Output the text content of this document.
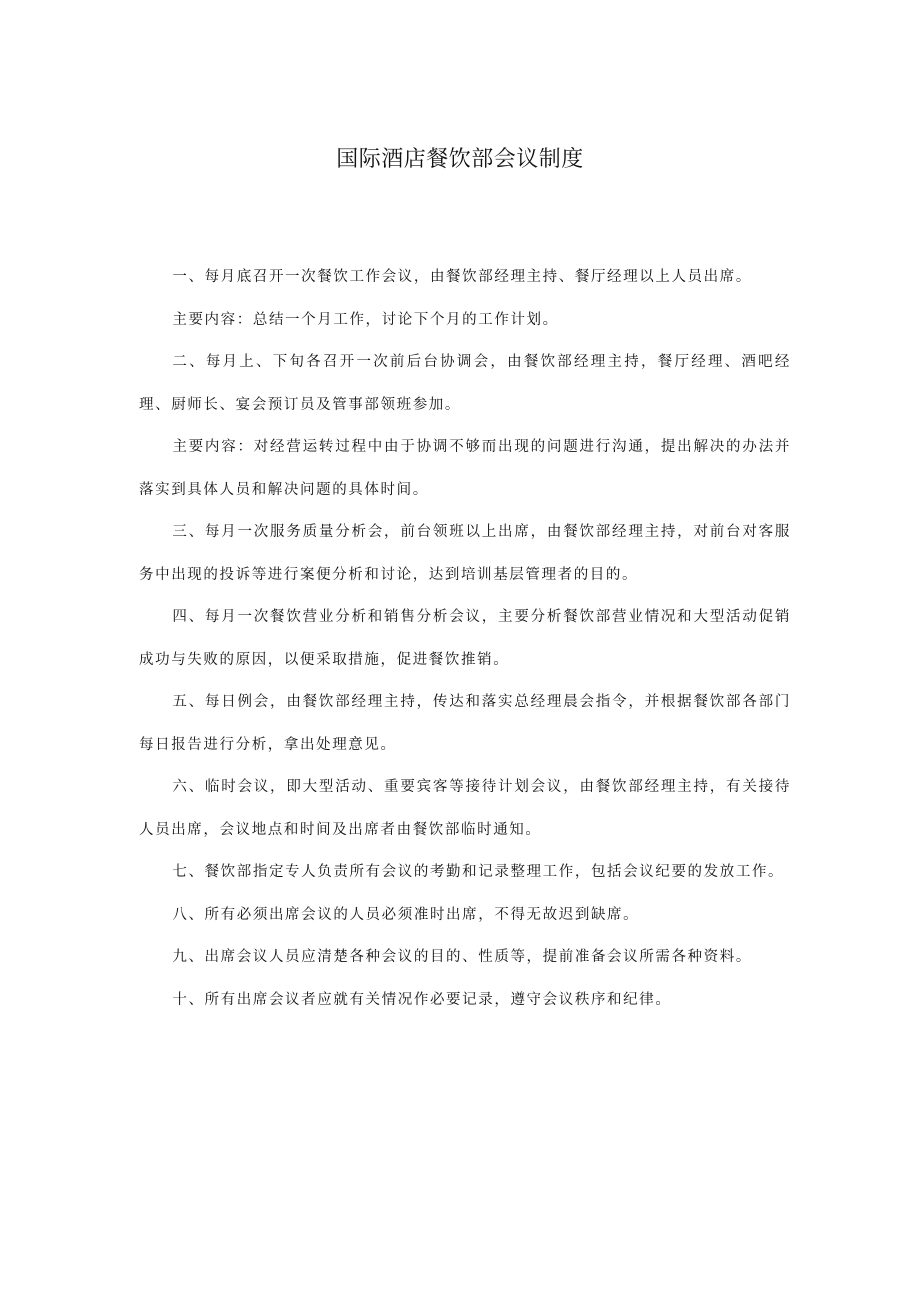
国际酒店餐饮部会议制度

一、每月底召开一次餐饮工作会议，由餐饮部经理主持、餐厅经理以上人员出席。

主要内容：总结一个月工作，讨论下个月的工作计划。

二、每月上、下旬各召开一次前后台协调会，由餐饮部经理主持，餐厅经理、酒吧经理、厨师长、宴会预订员及管事部领班参加。

主要内容：对经营运转过程中由于协调不够而出现的问题进行沟通，提出解决的办法并落实到具体人员和解决问题的具体时间。

三、每月一次服务质量分析会，前台领班以上出席，由餐饮部经理主持，对前台对客服务中出现的投诉等进行案便分析和讨论，达到培训基层管理者的目的。

四、每月一次餐饮营业分析和销售分析会议，主要分析餐饮部营业情况和大型活动促销成功与失败的原因，以便采取措施，促进餐饮推销。

五、每日例会，由餐饮部经理主持，传达和落实总经理晨会指令，并根据餐饮部各部门每日报告进行分析，拿出处理意见。

六、临时会议，即大型活动、重要宾客等接待计划会议，由餐饮部经理主持，有关接待人员出席，会议地点和时间及出席者由餐饮部临时通知。

七、餐饮部指定专人负责所有会议的考勤和记录整理工作，包括会议纪要的发放工作。

八、所有必须出席会议的人员必须准时出席，不得无故迟到缺席。

九、出席会议人员应清楚各种会议的目的、性质等，提前准备会议所需各种资料。

十、所有出席会议者应就有关情况作必要记录，遵守会议秩序和纪律。
